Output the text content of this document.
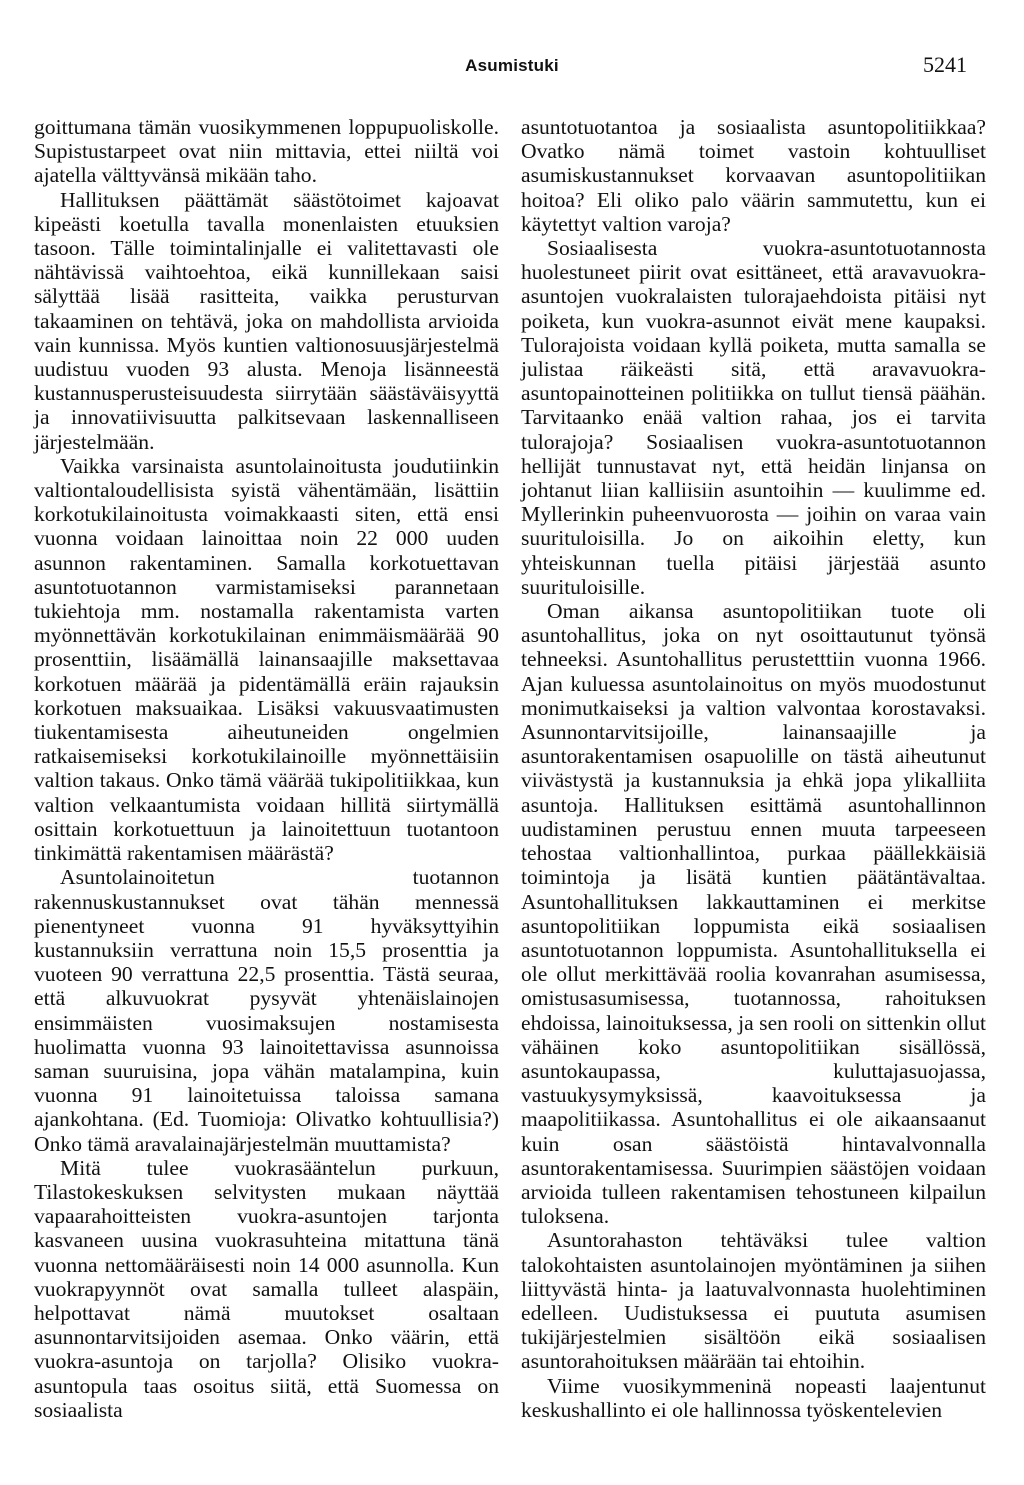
Asumistuki	5241

goittumana tämän vuosikymmenen loppupuoliskolle. Supistustarpeet ovat niin mittavia, ettei niiltä voi ajatella välttyvänsä mikään taho.

Hallituksen päättämät säästötoimet kajoavat kipeästi koetulla tavalla monenlaisten etuuksien tasoon. Tälle toimintalinjalle ei valitettavasti ole nähtävissä vaihtoehtoa, eikä kunnillekaan saisi sälyttää lisää rasitteita, vaikka perusturvan takaaminen on tehtävä, joka on mahdollista arvioida vain kunnissa. Myös kuntien valtionosuusjärjestelmä uudistuu vuoden 93 alusta. Menoja lisänneestä kustannusperusteisuudesta siirrytään säästäväisyyttä ja innovatiivisuutta palkitsevaan laskennalliseen järjestelmään.

Vaikka varsinaista asuntolainoitusta joudutiinkin valtiontaloudellisista syistä vähentämään, lisättiin korkotukilainoitusta voimakkaasti siten, että ensi vuonna voidaan lainoittaa noin 22 000 uuden asunnon rakentaminen. Samalla korkotuettavan asuntotuotannon varmistamiseksi parannetaan tukiehtoja mm. nostamalla rakentamista varten myönnettävän korkotukilainan enimmäismäärää 90 prosenttiin, lisäämällä lainansaajille maksettavaa korkotuen määrää ja pidentämällä eräin rajauksin korkotuen maksuaikaa. Lisäksi vakuusvaatimusten tiukentamisesta aiheutuneiden ongelmien ratkaisemiseksi korkotukilainoille myönnettäisiin valtion takaus. Onko tämä väärää tukipolitiikkaa, kun valtion velkaantumista voidaan hillitä siirtymällä osittain korkotuettuun ja lainoitettuun tuotantoon tinkimättä rakentamisen määrästä?

Asuntolainoitetun tuotannon rakennuskustannukset ovat tähän mennessä pienentyneet vuonna 91 hyväksyttyihin kustannuksiin verrattuna noin 15,5 prosenttia ja vuoteen 90 verrattuna 22,5 prosenttia. Tästä seuraa, että alkuvuokrat pysyvät yhtenäislainojen ensimmäisten vuosimaksujen nostamisesta huolimatta vuonna 93 lainoitettavissa asunnoissa saman suuruisina, jopa vähän matalampina, kuin vuonna 91 lainoitetuissa taloissa samana ajankohtana. (Ed. Tuomioja: Olivatko kohtuullisia?) Onko tämä aravalainajärjestelmän muuttamista?

Mitä tulee vuokrasääntelun purkuun, Tilastokeskuksen selvitysten mukaan näyttää vapaarahoitteisten vuokra-asuntojen tarjonta kasvaneen uusina vuokrasuhteina mitattuna tänä vuonna nettomääräisesti noin 14 000 asunnolla. Kun vuokrapyynnöt ovat samalla tulleet alaspäin, helpottavat nämä muutokset osaltaan asunnontarvitsijoiden asemaa. Onko väärin, että vuokra-asuntoja on tarjolla? Olisiko vuokra-asuntopula taas osoitus siitä, että Suomessa on sosiaalista

asuntotuotantoa ja sosiaalista asuntopolitiikkaa? Ovatko nämä toimet vastoin kohtuulliset asumiskustannukset korvaavan asuntopolitiikan hoitoa? Eli oliko palo väärin sammutettu, kun ei käytettyt valtion varoja?

Sosiaalisesta vuokra-asuntotuotannosta huolestuneet piirit ovat esittäneet, että aravavuokra-asuntojen vuokralaisten tulorajaehdoista pitäisi nyt poiketa, kun vuokra-asunnot eivät mene kaupaksi. Tulorajoista voidaan kyllä poiketa, mutta samalla se julistaa räikeästi sitä, että aravavuokra-asuntopainotteinen politiikka on tullut tiensä päähän. Tarvitaanko enää valtion rahaa, jos ei tarvita tulorajoja? Sosiaalisen vuokra-asuntotuotannon hellijät tunnustavat nyt, että heidän linjansa on johtanut liian kalliisiin asuntoihin — kuulimme ed. Myllerinkin puheenvuorosta — joihin on varaa vain suurituloisilla. Jo on aikoihin eletty, kun yhteiskunnan tuella pitäisi järjestää asunto suurituloisille.

Oman aikansa asuntopolitiikan tuote oli asuntohallitus, joka on nyt osoittautunut työnsä tehneeksi. Asuntohallitus perustetttiin vuonna 1966. Ajan kuluessa asuntolainoitus on myös muodostunut monimutkaiseksi ja valtion valvontaa korostavaksi. Asunnontarvitsijoille, lainansaajille ja asuntorakentamisen osapuolille on tästä aiheutunut viivästystä ja kustannuksia ja ehkä jopa ylikalliita asuntoja. Hallituksen esittämä asuntohallinnon uudistaminen perustuu ennen muuta tarpeeseen tehostaa valtionhallintoa, purkaa päällekkäisiä toimintoja ja lisätä kuntien päätäntävaltaa. Asuntohallituksen lakkauttaminen ei merkitse asuntopolitiikan loppumista eikä sosiaalisen asuntotuotannon loppumista. Asuntohallituksella ei ole ollut merkittävää roolia kovanrahan asumisessa, omistusasumisessa, tuotannossa, rahoituksen ehdoissa, lainoituksessa, ja sen rooli on sittenkin ollut vähäinen koko asuntopolitiikan sisällössä, asuntokaupassa, kuluttajasuojassa, vastuukysymyksissä, kaavoituksessa ja maapolitiikassa. Asuntohallitus ei ole aikaansaanut kuin osan säästöistä hintavalvonnalla asuntorakentamisessa. Suurimpien säästöjen voidaan arvioida tulleen rakentamisen tehostuneen kilpailun tuloksena.

Asuntorahaston tehtäväksi tulee valtion talokohtaisten asuntolainojen myöntäminen ja siihen liittyvästä hinta- ja laatuvalvonnasta huolehtiminen edelleen. Uudistuksessa ei puututa asumisen tukijärjestelmien sisältöön eikä sosiaalisen asuntorahoituksen määrään tai ehtoihin.

Viime vuosikymmeninä nopeasti laajentunut keskushallinto ei ole hallinnossa työskentelevien
